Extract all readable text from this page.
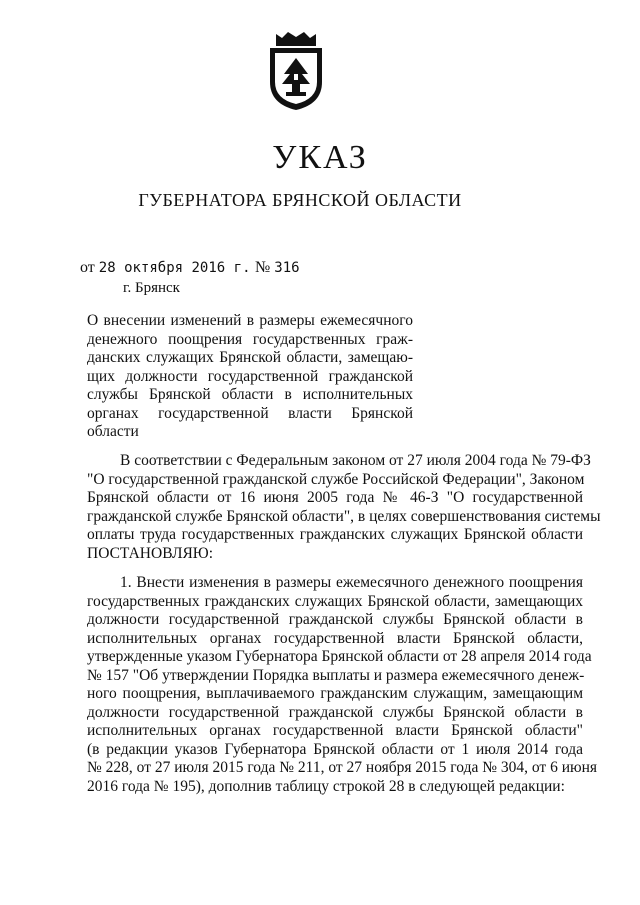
УКАЗ
ГУБЕРНАТОРА БРЯНСКОЙ ОБЛАСТИ
от 28 октября 2016 г. № 316
г. Брянск
О внесении изменений в размеры ежемесячного
денежного поощрения государственных граж-
данских служащих Брянской области, замещаю-
щих должности государственной гражданской
службы Брянской области в исполнительных
органах государственной власти Брянской области
В соответствии с Федеральным законом от 27 июля 2004 года № 79-ФЗ
"О государственной гражданской службе Российской Федерации", Законом
Брянской области от 16 июня 2005 года № 46-З "О государственной
гражданской службе Брянской области", в целях совершенствования системы
оплаты труда государственных гражданских служащих Брянской области
ПОСТАНОВЛЯЮ:
1. Внести изменения в размеры ежемесячного денежного поощрения
государственных гражданских служащих Брянской области, замещающих
должности государственной гражданской службы Брянской области в
исполнительных органах государственной власти Брянской области,
утвержденные указом Губернатора Брянской области от 28 апреля 2014 года
№ 157 "Об утверждении Порядка выплаты и размера ежемесячного денеж-
ного поощрения, выплачиваемого гражданским служащим, замещающим
должности государственной гражданской службы Брянской области в
исполнительных органах государственной власти Брянской области"
(в редакции указов Губернатора Брянской области от 1 июля 2014 года
№ 228, от 27 июля 2015 года № 211, от 27 ноября 2015 года № 304, от 6 июня
2016 года № 195), дополнив таблицу строкой 28 в следующей редакции:
